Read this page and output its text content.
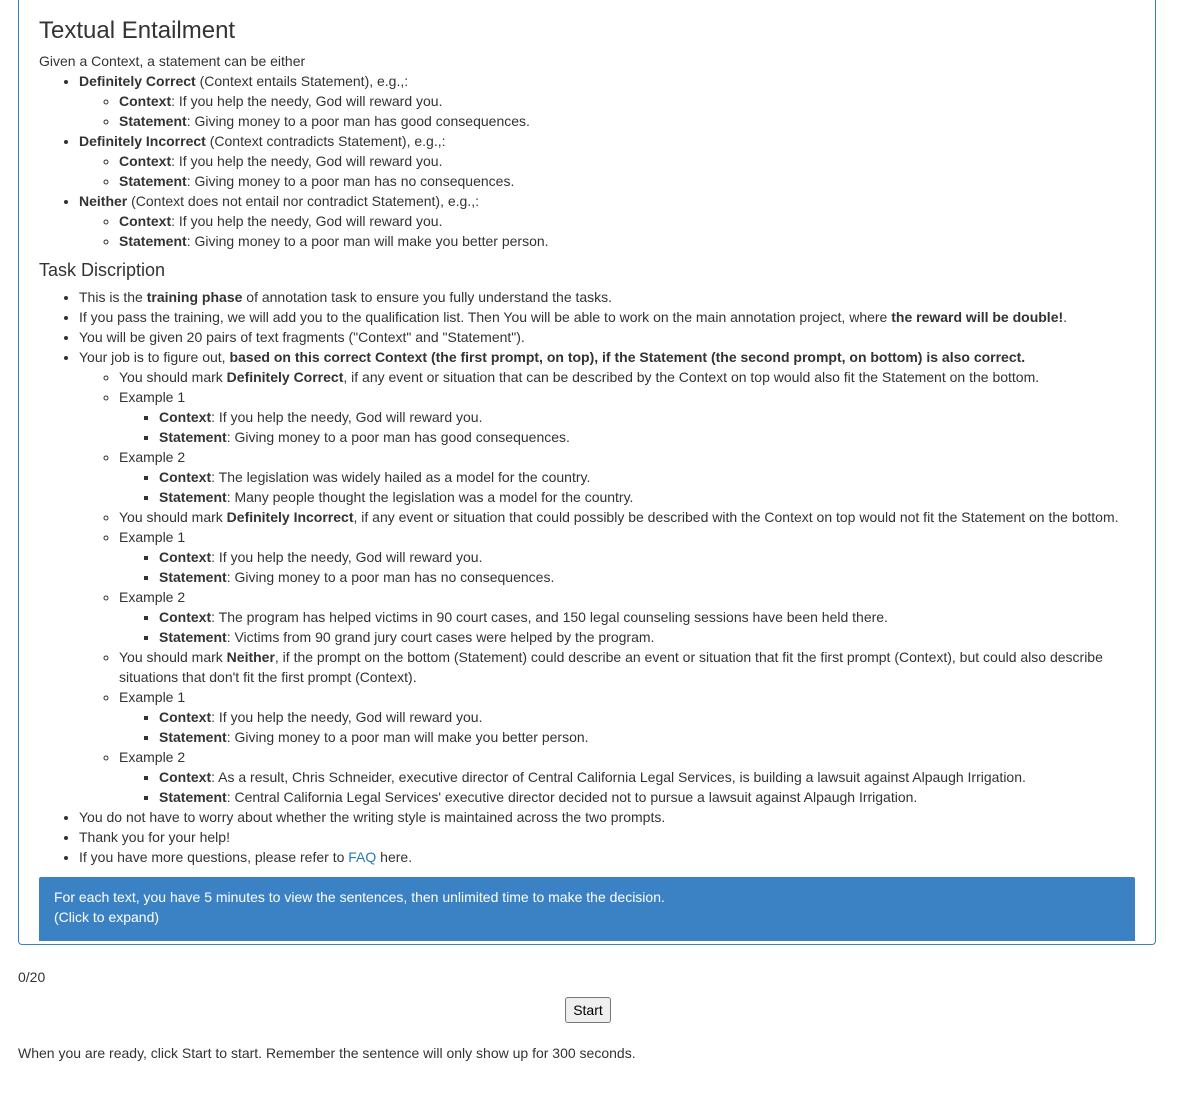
Textual Entailment

Given a Context, a statement can be either

• Definitely Correct (Context entails Statement), e.g.,:
◦ Context: If you help the needy, God will reward you.
◦ Statement: Giving money to a poor man has good consequences.
• Definitely Incorrect (Context contradicts Statement), e.g.,:
◦ Context: If you help the needy, God will reward you.
◦ Statement: Giving money to a poor man has no consequences.
• Neither (Context does not entail nor contradict Statement), e.g.,:
◦ Context: If you help the needy, God will reward you.
◦ Statement: Giving money to a poor man will make you better person.
Task Discription
• This is the training phase of annotation task to ensure you fully understand the tasks.
• If you pass the training, we will add you to the qualification list. Then You will be able to work on the main annotation project, where the reward will be double!.
• You will be given 20 pairs of text fragments ("Context" and "Statement").
• Your job is to figure out, based on this correct Context (the first prompt, on top), if the Statement (the second prompt, on bottom) is also correct.
◦ You should mark Definitely Correct, if any event or situation that can be described by the Context on top would also fit the Statement on the bottom.
◦ Example 1
▪ Context: If you help the needy, God will reward you.
▪ Statement: Giving money to a poor man has good consequences.
◦ Example 2
▪ Context: The legislation was widely hailed as a model for the country.
▪ Statement: Many people thought the legislation was a model for the country.
◦ You should mark Definitely Incorrect, if any event or situation that could possibly be described with the Context on top would not fit the Statement on the bottom.
◦ Example 1
▪ Context: If you help the needy, God will reward you.
▪ Statement: Giving money to a poor man has no consequences.
◦ Example 2
▪ Context: The program has helped victims in 90 court cases, and 150 legal counseling sessions have been held there.
▪ Statement: Victims from 90 grand jury court cases were helped by the program.
◦ You should mark Neither, if the prompt on the bottom (Statement) could describe an event or situation that fit the first prompt (Context), but could also describe situations that don't fit the first prompt (Context).
◦ Example 1
▪ Context: If you help the needy, God will reward you.
▪ Statement: Giving money to a poor man will make you better person.
◦ Example 2
▪ Context: As a result, Chris Schneider, executive director of Central California Legal Services, is building a lawsuit against Alpaugh Irrigation.
▪ Statement: Central California Legal Services' executive director decided not to pursue a lawsuit against Alpaugh Irrigation.
• You do not have to worry about whether the writing style is maintained across the two prompts.
• Thank you for your help!
• If you have more questions, please refer to FAQ here.
For each text, you have 5 minutes to view the sentences, then unlimited time to make the decision.
(Click to expand)
0/20
Start
When you are ready, click Start to start. Remember the sentence will only show up for 300 seconds.
